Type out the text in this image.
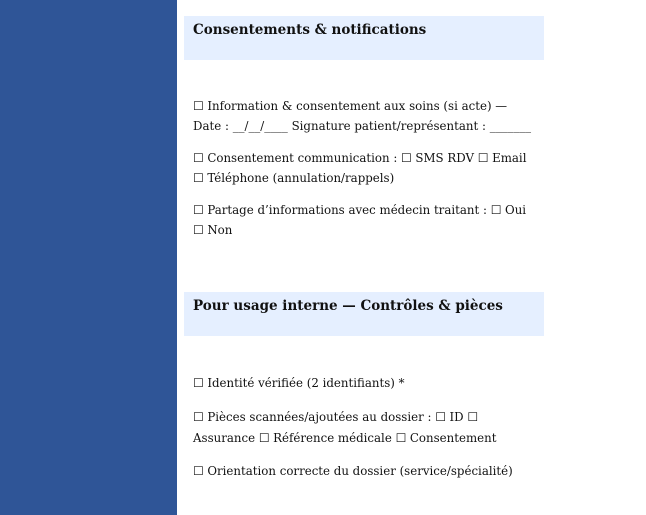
Consentements & notifications
☐ Information & consentement aux soins (si acte) — Date : __/__/____ Signature patient/représentant : _______
☐ Consentement communication : ☐ SMS RDV ☐ Email ☐ Téléphone (annulation/rappels)
☐ Partage d’informations avec médecin traitant : ☐ Oui ☐ Non
Pour usage interne — Contrôles & pièces
☐ Identité vérifiée (2 identifiants) *
☐ Pièces scannées/ajoutées au dossier : ☐ ID ☐ Assurance ☐ Référence médicale ☐ Consentement
☐ Orientation correcte du dossier (service/spécialité)
